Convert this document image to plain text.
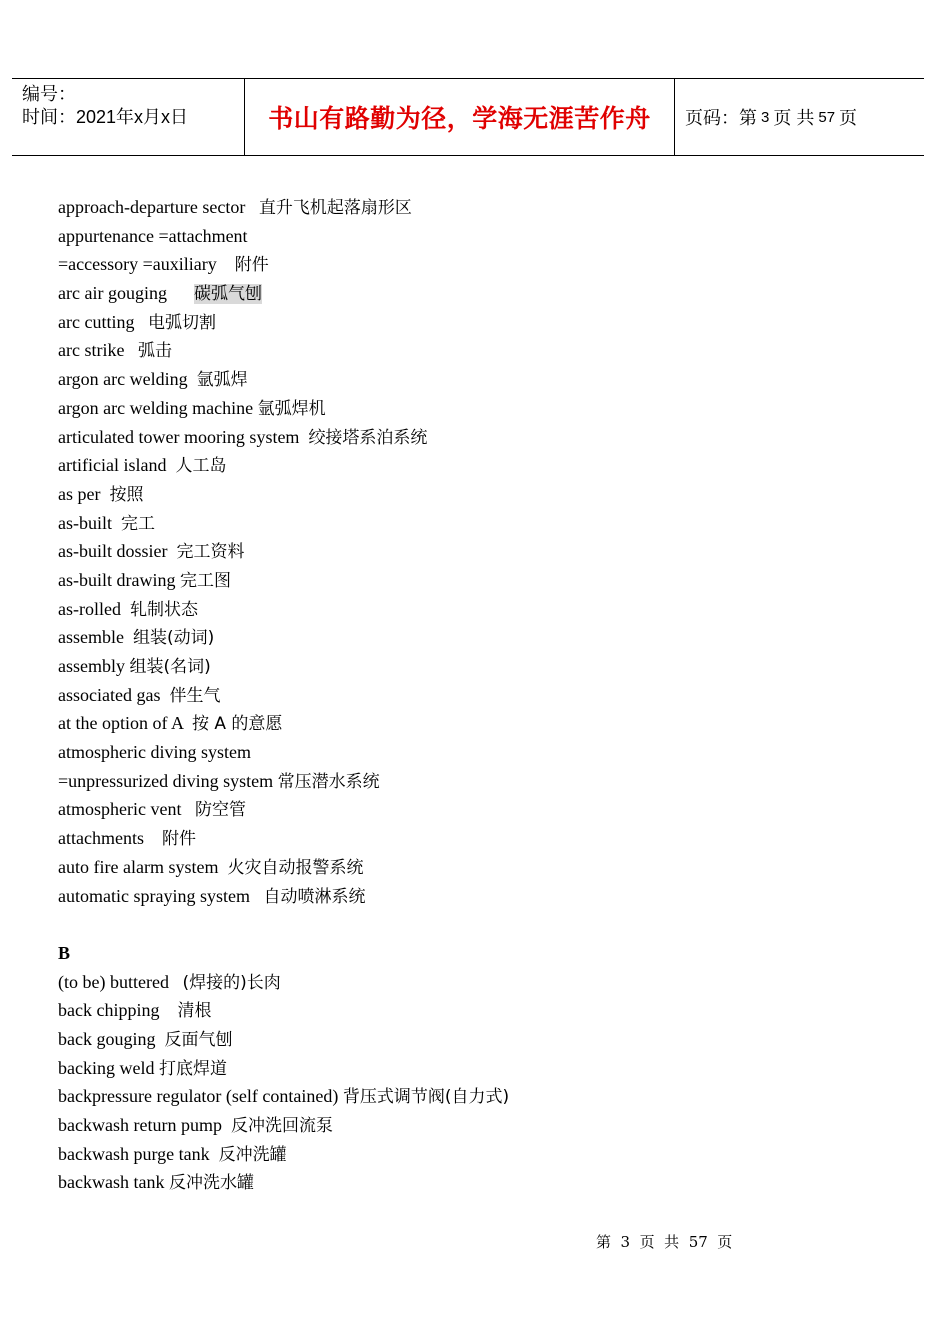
编号：
时间：2021年x月x日	书山有路勤为径，学海无涯苦作舟 页码：第 3 页 共 57 页
approach-departure sector   直升飞机起落扇形区
appurtenance =attachment
=accessory =auxiliary    附件
arc air gouging      碳弧气刨
arc cutting   电弧切割
arc strike   弧击
argon arc welding  氩弧焊
argon arc welding machine 氩弧焊机
articulated tower mooring system  绞接塔系泊系统
artificial island  人工岛
as per  按照
as-built  完工
as-built dossier  完工资料
as-built drawing 完工图
as-rolled  轧制状态
assemble  组装(动词)
assembly 组装(名词)
associated gas  伴生气
at the option of A  按 A 的意愿
atmospheric diving system
=unpressurized diving system 常压潜水系统
atmospheric vent   防空管
attachments    附件
auto fire alarm system  火灾自动报警系统
automatic spraying system   自动喷淋系统
B
(to be) buttered   (焊接的)长肉
back chipping    清根
back gouging  反面气刨
backing weld 打底焊道
backpressure regulator (self contained) 背压式调节阀(自力式)
backwash return pump  反冲洗回流泵
backwash purge tank  反冲洗罐
backwash tank 反冲洗水罐
第  3  页  共  57  页
